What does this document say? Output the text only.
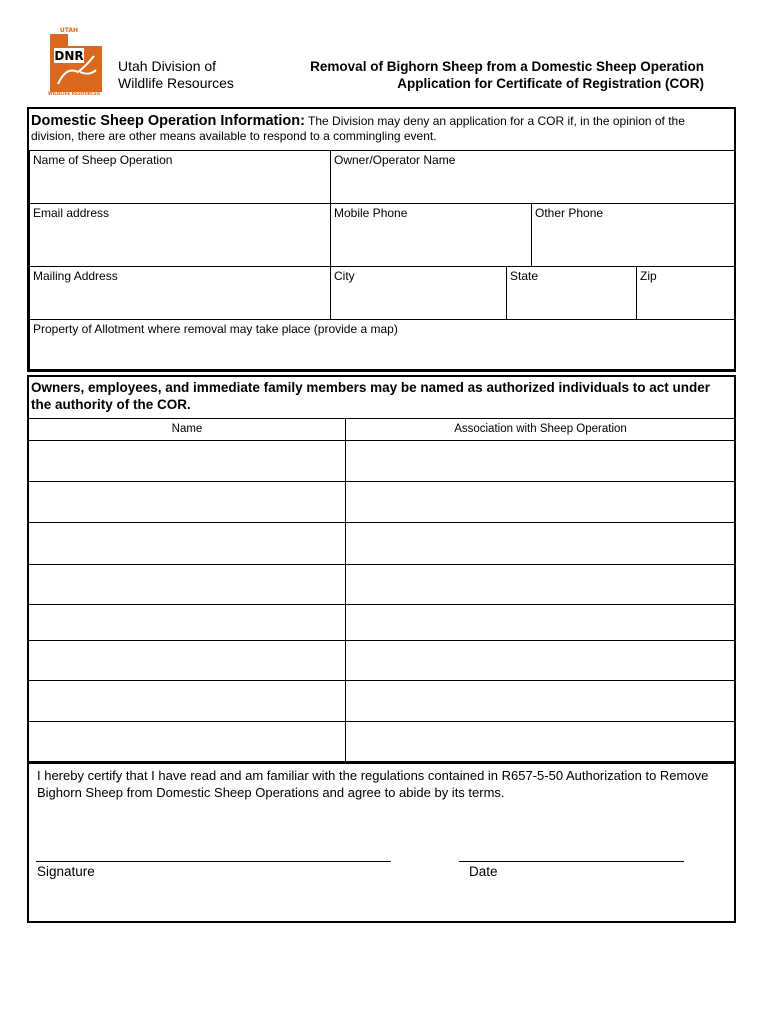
UTAH
DNR
WILDLIFE RESOURCES
Utah Division of
Wildlife Resources
Removal of Bighorn Sheep from a Domestic Sheep Operation
Application for Certificate of Registration (COR)
Domestic Sheep Operation Information: The Division may deny an application for a COR if, in the opinion of the division, there are other means available to respond to a commingling event.
Name of Sheep Operation	Owner/Operator Name
Email address	Mobile Phone	Other Phone
Mailing Address	City	State	Zip
Property of Allotment where removal may take place (provide a map)
Owners, employees, and immediate family members may be named as authorized individuals to act under the authority of the COR.
Name	Association with Sheep Operation
I hereby certify that I have read and am familiar with the regulations contained in R657-5-50 Authorization to Remove Bighorn Sheep from Domestic Sheep Operations and agree to abide by its terms.
Signature	Date
